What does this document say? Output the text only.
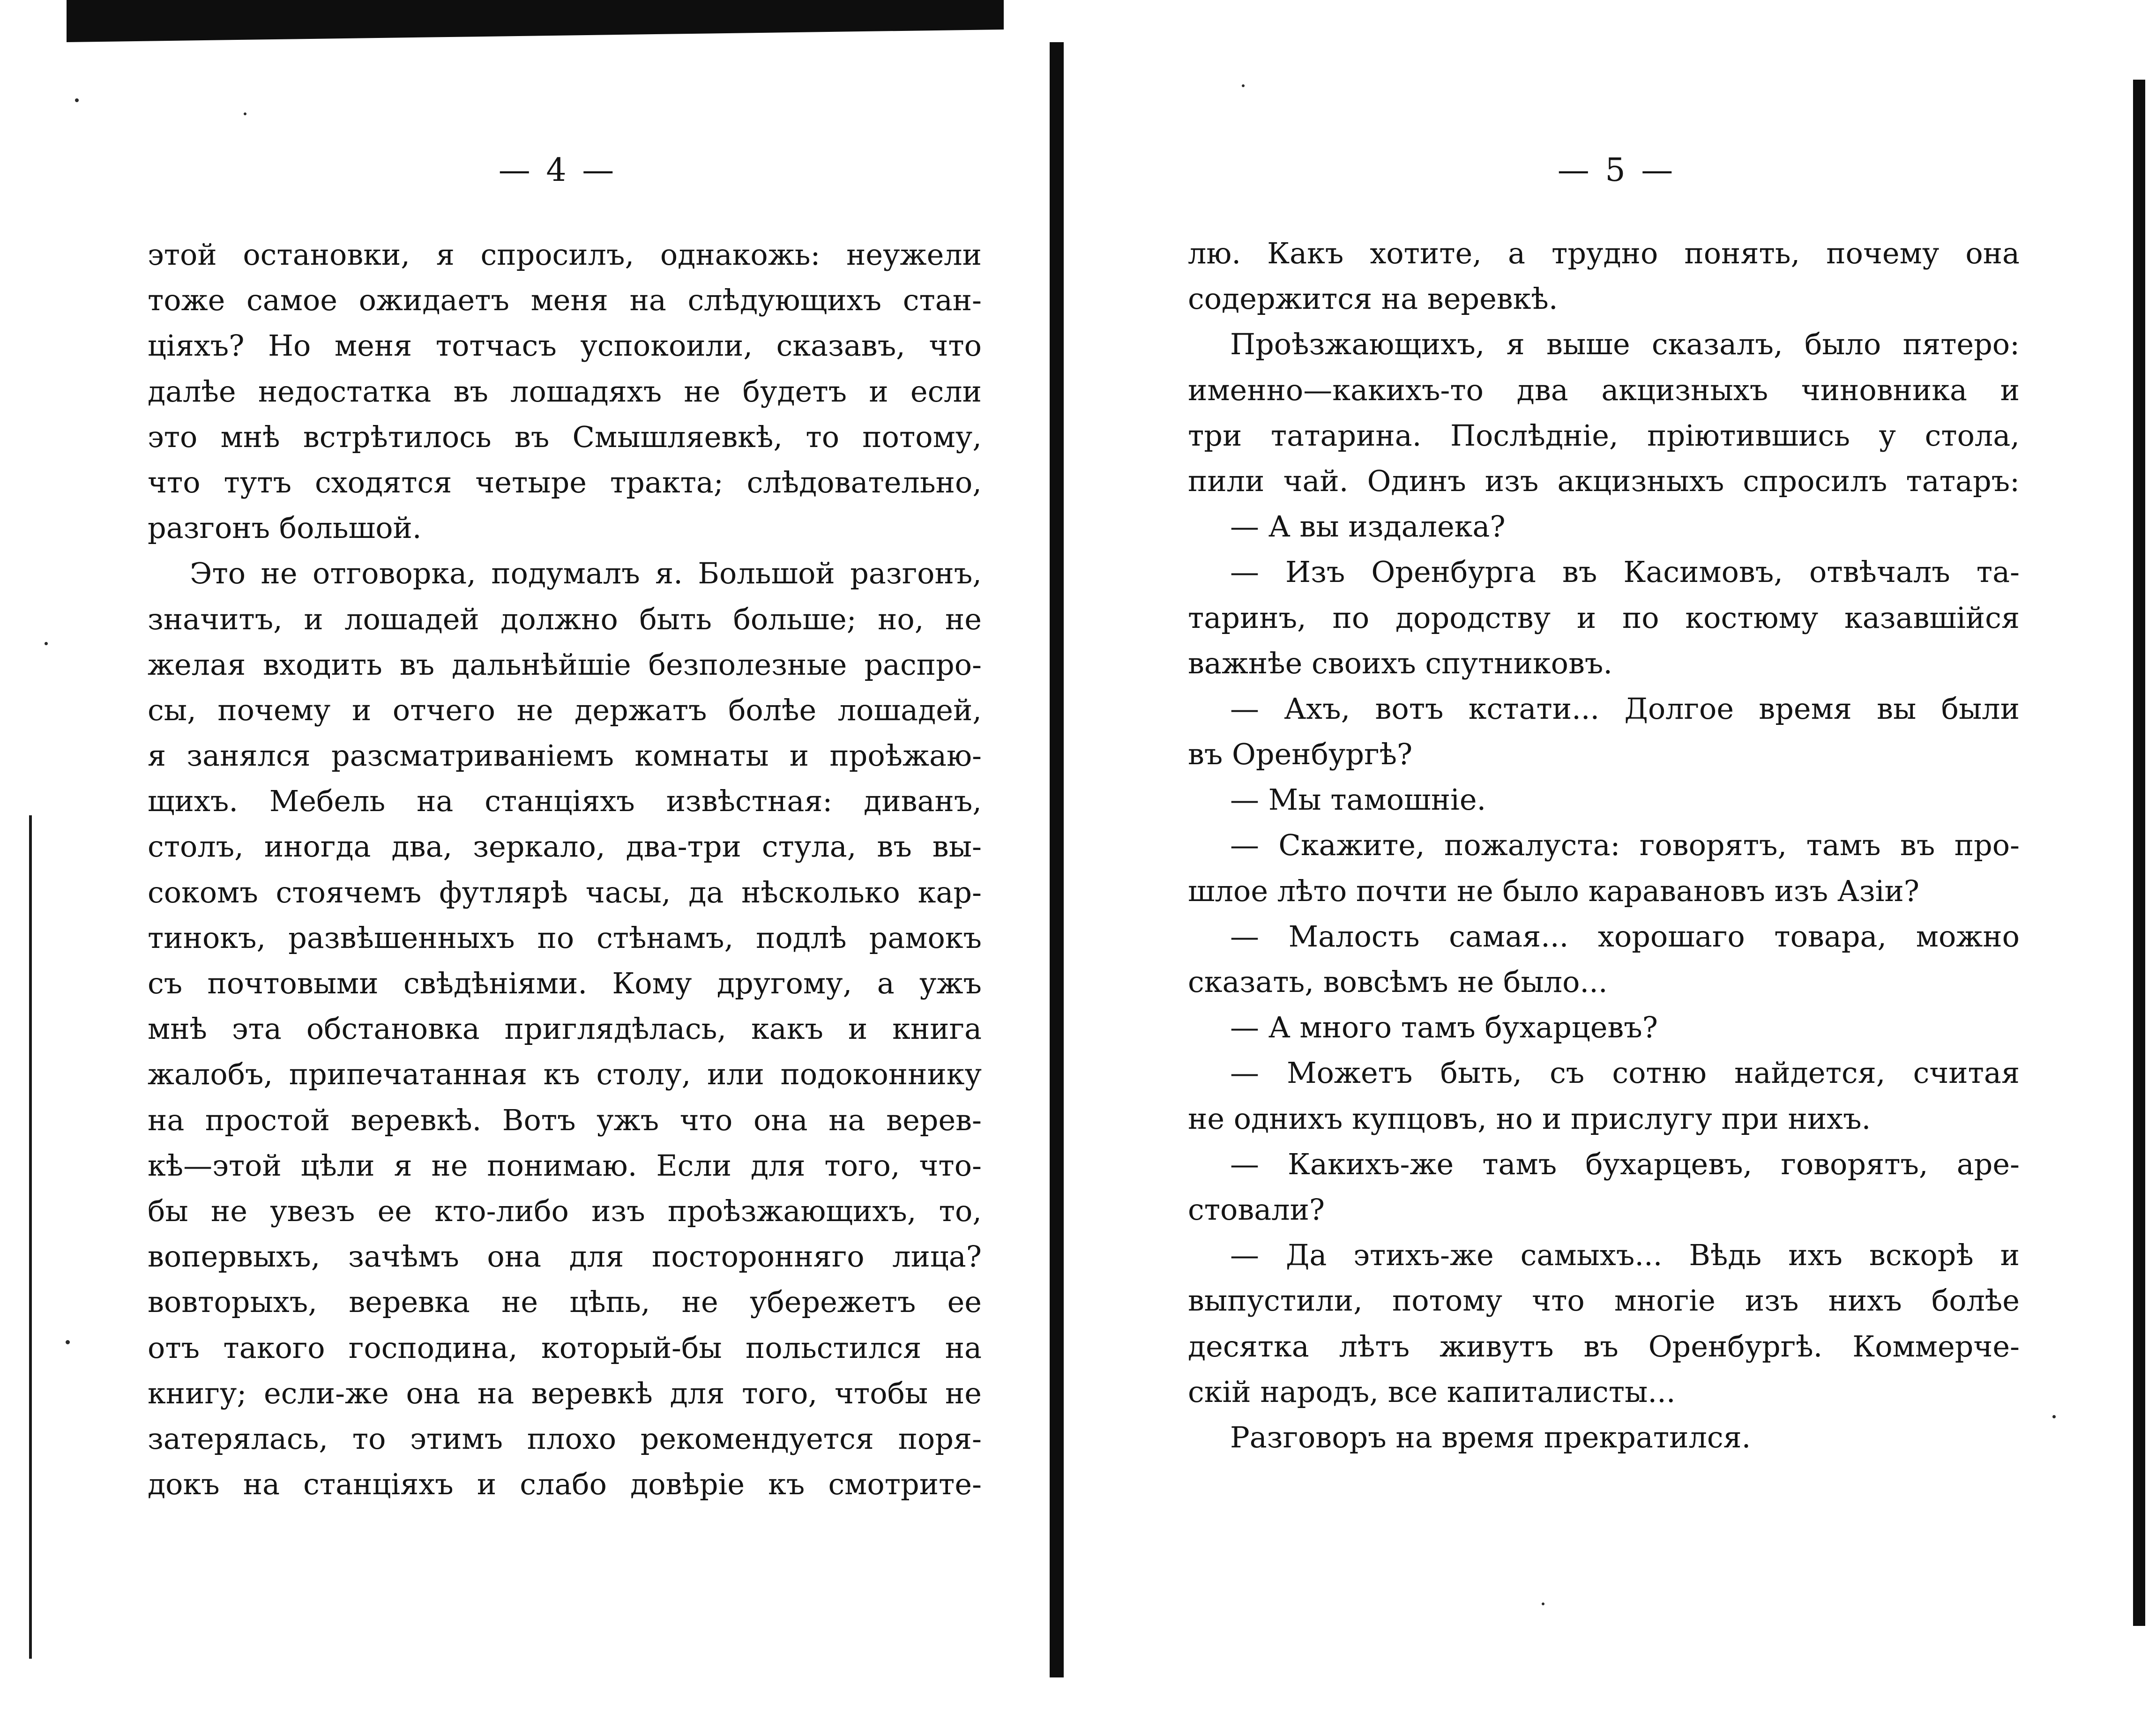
— 4 —	— 5 —
этой остановки, я спросилъ, однакожь: неужели
тоже самое ожидаетъ меня на слѣдующихъ стан-
ціяхъ? Но меня тотчасъ успокоили, сказавъ, что
далѣе недостатка въ лошадяхъ не будетъ и если
это мнѣ встрѣтилось въ Смышляевкѣ, то потому,
что тутъ сходятся четыре тракта; слѣдовательно,
разгонъ большой.
Это не отговорка, подумалъ я. Большой разгонъ,
значитъ, и лошадей должно быть больше; но, не
желая входить въ дальнѣйшіе безполезные распро-
сы, почему и отчего не держатъ болѣе лошадей,
я занялся разсматриваніемъ комнаты и проѣжаю-
щихъ. Мебель на станціяхъ извѣстная: диванъ,
столъ, иногда два, зеркало, два-три стула, въ вы-
сокомъ стоячемъ футлярѣ часы, да нѣсколько кар-
тинокъ, развѣшенныхъ по стѣнамъ, подлѣ рамокъ
съ почтовыми свѣдѣніями. Кому другому, а ужъ
мнѣ эта обстановка приглядѣлась, какъ и книга
жалобъ, припечатанная къ столу, или подоконнику
на простой веревкѣ. Вотъ ужъ что она на верев-
кѣ—этой цѣли я не понимаю. Если для того, что-
бы не увезъ ее кто-либо изъ проѣзжающихъ, то,
вопервыхъ, зачѣмъ она для посторонняго лица?
вовторыхъ, веревка не цѣпь, не убережетъ ее
отъ такого господина, который-бы польстился на
книгу; если-же она на веревкѣ для того, чтобы не
затерялась, то этимъ плохо рекомендуется поря-
докъ на станціяхъ и слабо довѣріе къ смотрите-
лю. Какъ хотите, а трудно понять, почему она
содержится на веревкѣ.
Проѣзжающихъ, я выше сказалъ, было пятеро:
именно—какихъ-то два акцизныхъ чиновника и
три татарина. Послѣдніе, пріютившись у стола,
пили чай. Одинъ изъ акцизныхъ спросилъ татаръ:
— А вы издалека?
— Изъ Оренбурга въ Касимовъ, отвѣчалъ та-
таринъ, по дородству и по костюму казавшійся
важнѣе своихъ спутниковъ.
— Ахъ, вотъ кстати... Долгое время вы были
въ Оренбургѣ?
— Мы тамошніе.
— Скажите, пожалуста: говорятъ, тамъ въ про-
шлое лѣто почти не было каравановъ изъ Азіи?
— Малость самая... хорошаго товара, можно
сказать, вовсѣмъ не было...
— А много тамъ бухарцевъ?
— Можетъ быть, съ сотню найдется, считая
не однихъ купцовъ, но и прислугу при нихъ.
— Какихъ-же тамъ бухарцевъ, говорятъ, аре-
стовали?
— Да этихъ-же самыхъ... Вѣдь ихъ вскорѣ и
выпустили, потому что многіе изъ нихъ болѣе
десятка лѣтъ живутъ въ Оренбургѣ. Коммерче-
скій народъ, все капиталисты...
Разговоръ на время прекратился.
